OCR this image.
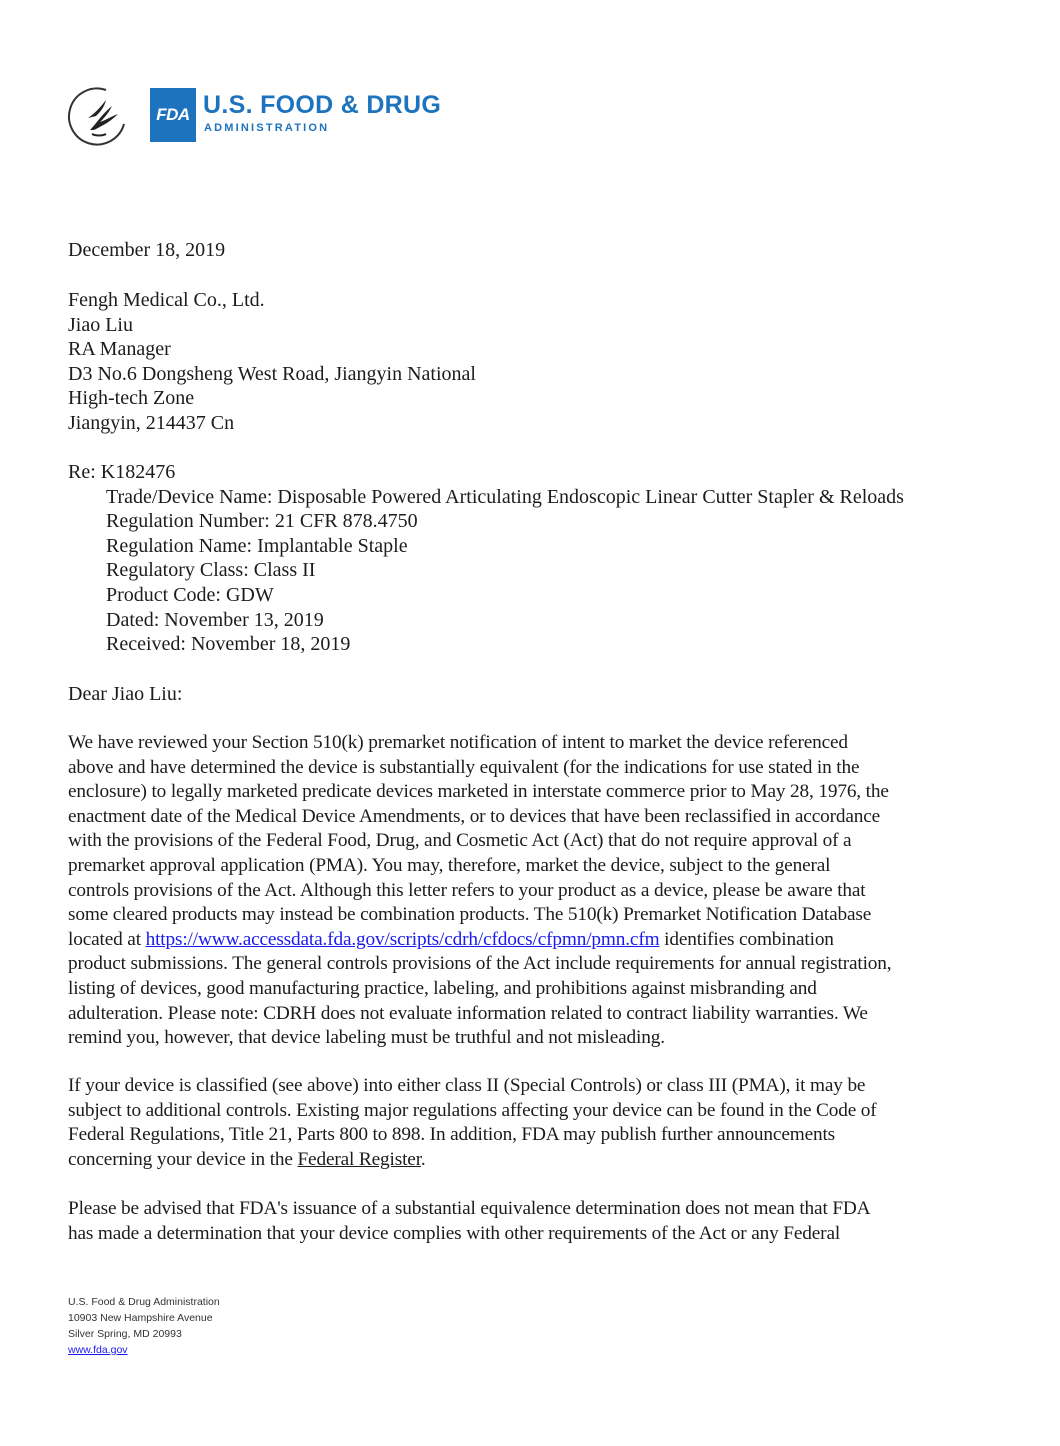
FDA U.S. FOOD & DRUG
ADMINISTRATION
December 18, 2019
Fengh Medical Co., Ltd.
Jiao Liu
RA Manager
D3 No.6 Dongsheng West Road, Jiangyin National
High-tech Zone
Jiangyin, 214437 Cn
Re: K182476
Trade/Device Name: Disposable Powered Articulating Endoscopic Linear Cutter Stapler & Reloads
Regulation Number: 21 CFR 878.4750
Regulation Name: Implantable Staple
Regulatory Class: Class II
Product Code: GDW
Dated: November 13, 2019
Received: November 18, 2019
Dear Jiao Liu:
We have reviewed your Section 510(k) premarket notification of intent to market the device referenced
above and have determined the device is substantially equivalent (for the indications for use stated in the
enclosure) to legally marketed predicate devices marketed in interstate commerce prior to May 28, 1976, the
enactment date of the Medical Device Amendments, or to devices that have been reclassified in accordance
with the provisions of the Federal Food, Drug, and Cosmetic Act (Act) that do not require approval of a
premarket approval application (PMA). You may, therefore, market the device, subject to the general
controls provisions of the Act. Although this letter refers to your product as a device, please be aware that
some cleared products may instead be combination products. The 510(k) Premarket Notification Database
located at https://www.accessdata.fda.gov/scripts/cdrh/cfdocs/cfpmn/pmn.cfm identifies combination
product submissions. The general controls provisions of the Act include requirements for annual registration,
listing of devices, good manufacturing practice, labeling, and prohibitions against misbranding and
adulteration. Please note: CDRH does not evaluate information related to contract liability warranties. We
remind you, however, that device labeling must be truthful and not misleading.
If your device is classified (see above) into either class II (Special Controls) or class III (PMA), it may be
subject to additional controls. Existing major regulations affecting your device can be found in the Code of
Federal Regulations, Title 21, Parts 800 to 898. In addition, FDA may publish further announcements
concerning your device in the Federal Register.
Please be advised that FDA's issuance of a substantial equivalence determination does not mean that FDA
has made a determination that your device complies with other requirements of the Act or any Federal
U.S. Food & Drug Administration
10903 New Hampshire Avenue
Silver Spring, MD 20993
www.fda.gov
